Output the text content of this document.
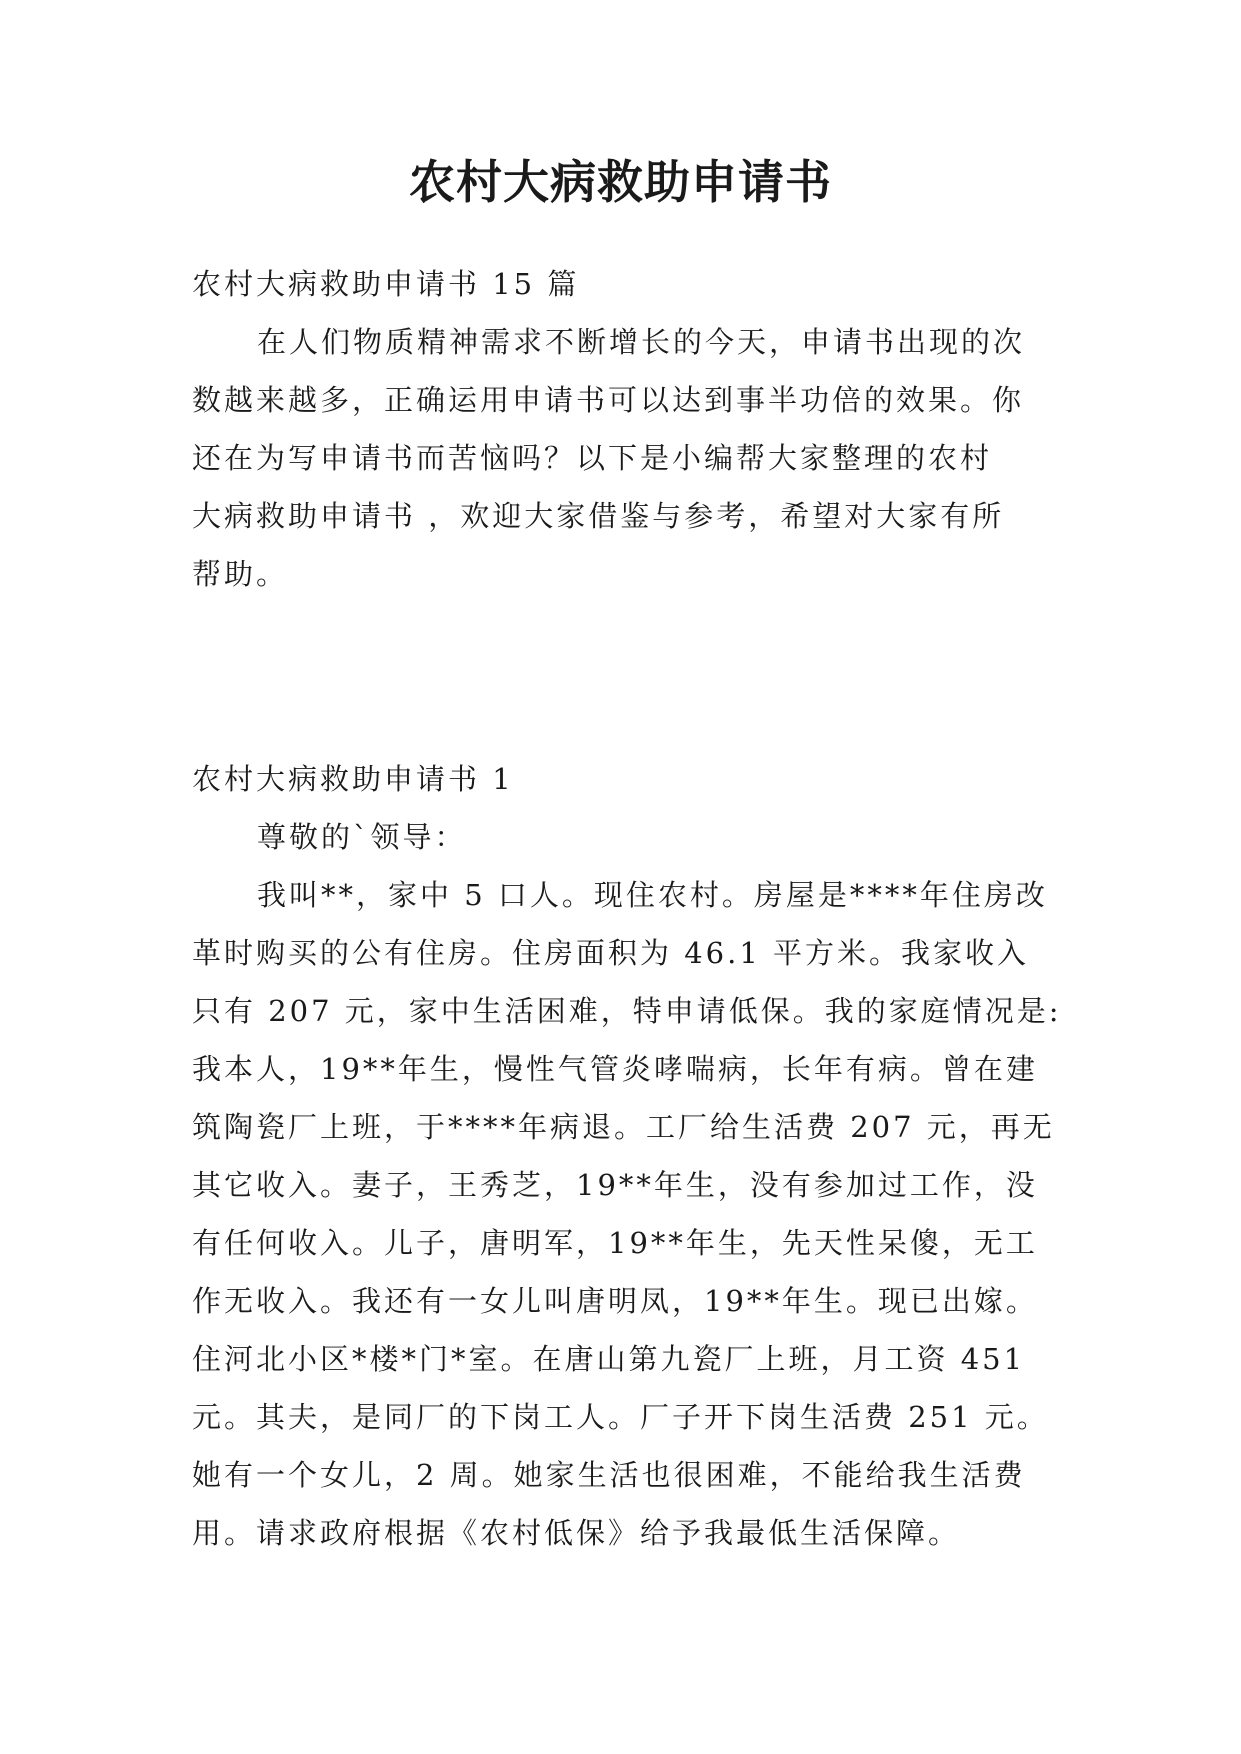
农村大病救助申请书
农村大病救助申请书 15 篇
在人们物质精神需求不断增长的今天，申请书出现的次
数越来越多，正确运用申请书可以达到事半功倍的效果。你
还在为写申请书而苦恼吗？以下是小编帮大家整理的农村
大病救助申请书 ，欢迎大家借鉴与参考，希望对大家有所
帮助。
农村大病救助申请书 1
尊敬的`领导：
我叫**，家中 5 口人。现住农村。房屋是****年住房改
革时购买的公有住房。住房面积为 46.1 平方米。我家收入
只有 207 元，家中生活困难，特申请低保。我的家庭情况是:
我本人，19**年生，慢性气管炎哮喘病，长年有病。曾在建
筑陶瓷厂上班，于****年病退。工厂给生活费 207 元，再无
其它收入。妻子，王秀芝，19**年生，没有参加过工作，没
有任何收入。儿子，唐明军，19**年生，先天性呆傻，无工
作无收入。我还有一女儿叫唐明凤，19**年生。现已出嫁。
住河北小区*楼*门*室。在唐山第九瓷厂上班，月工资 451
元。其夫，是同厂的下岗工人。厂子开下岗生活费 251 元。
她有一个女儿，2 周。她家生活也很困难，不能给我生活费
用。请求政府根据《农村低保》给予我最低生活保障。
